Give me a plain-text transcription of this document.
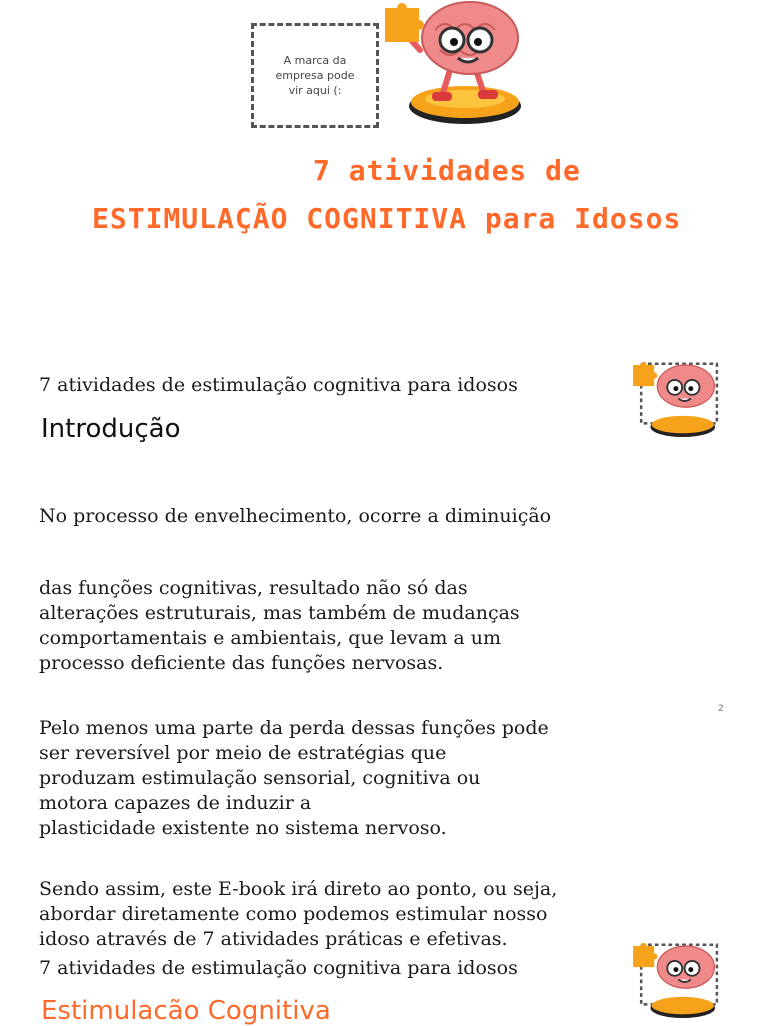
A marca da
empresa pode
vir aqui (:
7 atividades de
ESTIMULAÇÃO COGNITIVA para Idosos
7 atividades de estimulação cognitiva para idosos
Introdução
No processo de envelhecimento, ocorre a diminuição
das funções cognitivas, resultado não só das
alterações estruturais, mas também de mudanças
comportamentais e ambientais, que levam a um
processo deficiente das funções nervosas.
Pelo menos uma parte da perda dessas funções pode
ser reversível por meio de estratégias que
produzam estimulação sensorial, cognitiva ou
motora capazes de induzir a
plasticidade existente no sistema nervoso.
Sendo assim, este E-book irá direto ao ponto, ou seja,
abordar diretamente como podemos estimular nosso
idoso através de 7 atividades práticas e efetivas.
2
7 atividades de estimulação cognitiva para idosos
Estimulacão Cognitiva
